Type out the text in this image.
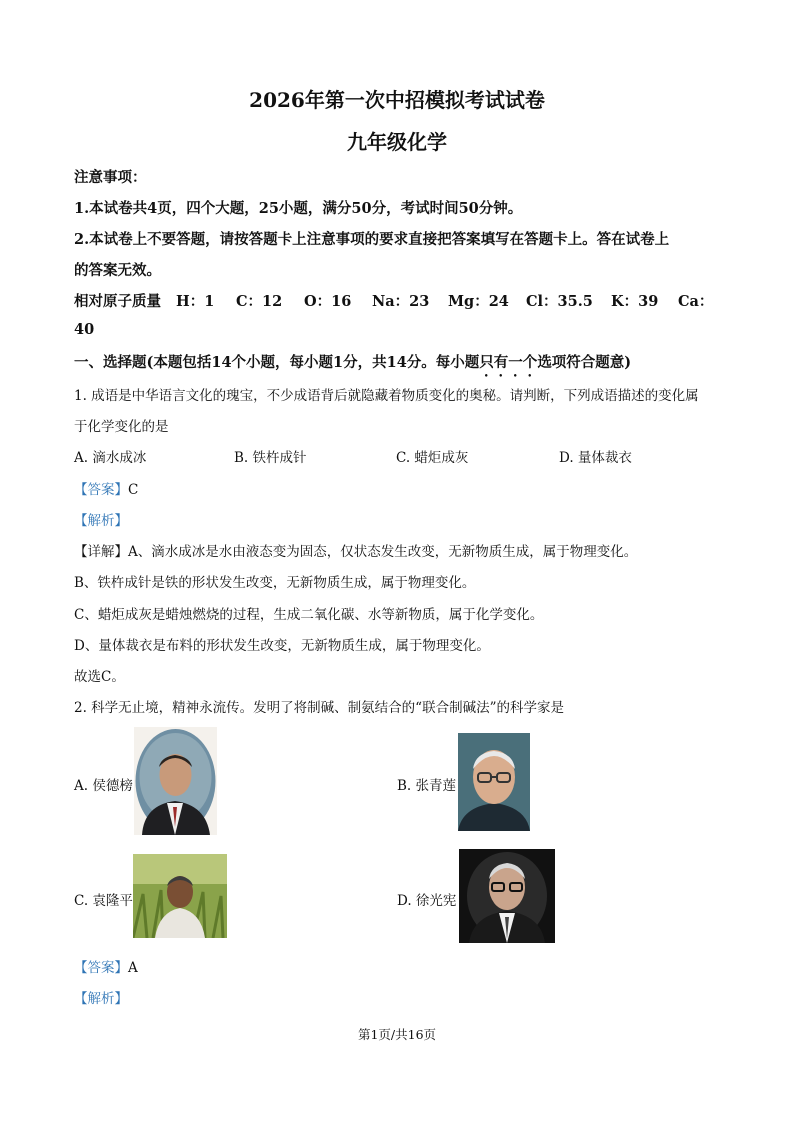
2026年第一次中招模拟考试试卷
九年级化学
注意事项：
1.本试卷共4页，四个大题，25小题，满分50分，考试时间50分钟。
2.本试卷上不要答题，请按答题卡上注意事项的要求直接把答案填写在答题卡上。答在试卷上
的答案无效。
相对原子质量 H：1 C：12 O：16 Na：23 Mg：24 Cl：35.5 K：39 Ca：
40
一、选择题(本题包括14个小题，每小题1分，共14分。每小题只有一个选项符合题意)
1. 成语是中华语言文化的瑰宝，不少成语背后就隐藏着物质变化的奥秘。请判断，下列成语描述的变化属
于化学变化的是
A. 滴水成冰	B. 铁杵成针	C. 蜡炬成灰	D. 量体裁衣
【答案】C
【解析】
【详解】A、滴水成冰是水由液态变为固态，仅状态发生改变，无新物质生成，属于物理变化。
B、铁杵成针是铁的形状发生改变，无新物质生成，属于物理变化。
C、蜡炬成灰是蜡烛燃烧的过程，生成二氧化碳、水等新物质，属于化学变化。
D、量体裁衣是布料的形状发生改变，无新物质生成，属于物理变化。
故选C。
2. 科学无止境，精神永流传。发明了将制碱、制氨结合的“联合制碱法”的科学家是
A. 侯德榜	B. 张青莲
C. 袁隆平	D. 徐光宪
【答案】A
【解析】
第1页/共16页
